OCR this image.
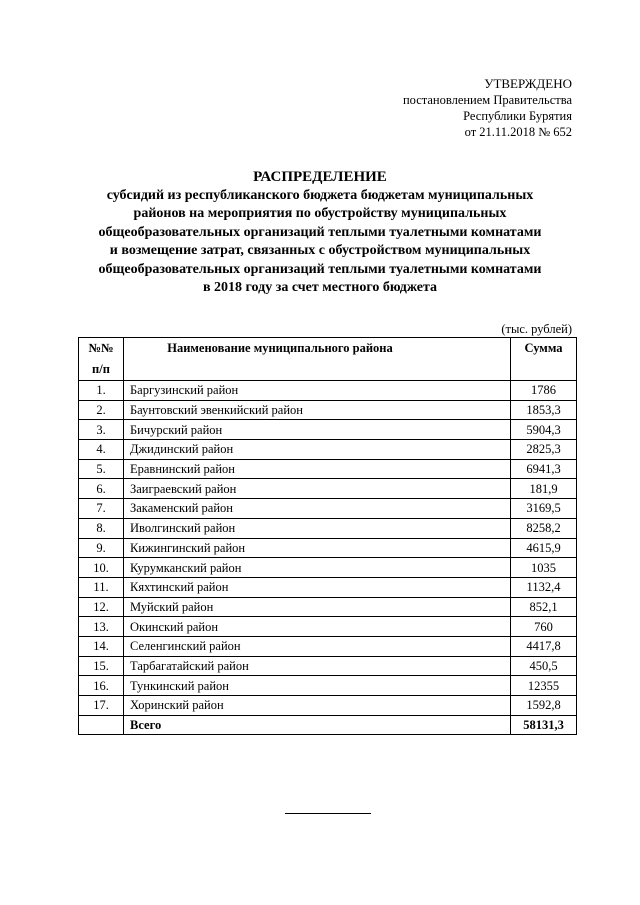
УТВЕРЖДЕНО
постановлением Правительства
Республики Бурятия
от 21.11.2018 № 652
РАСПРЕДЕЛЕНИЕ
субсидий из республиканского бюджета бюджетам муниципальных
районов на мероприятия по обустройству муниципальных
общеобразовательных организаций теплыми туалетными комнатами
и возмещение затрат, связанных с обустройством муниципальных
общеобразовательных организаций теплыми туалетными комнатами
в 2018 году за счет местного бюджета
(тыс. рублей)
№№
п/п	Наименование муниципального района	Сумма
1.	Баргузинский район	1786
2.	Баунтовский эвенкийский район	1853,3
3.	Бичурский район	5904,3
4.	Джидинский район	2825,3
5.	Еравнинский район	6941,3
6.	Заиграевский район	181,9
7.	Закаменский район	3169,5
8.	Иволгинский район	8258,2
9.	Кижингинский район	4615,9
10.	Курумканский район	1035
11.	Кяхтинский район	1132,4
12.	Муйский район	852,1
13.	Окинский район	760
14.	Селенгинский район	4417,8
15.	Тарбагатайский район	450,5
16.	Тункинский район	12355
17.	Хоринский район	1592,8
	Всего	58131,3
